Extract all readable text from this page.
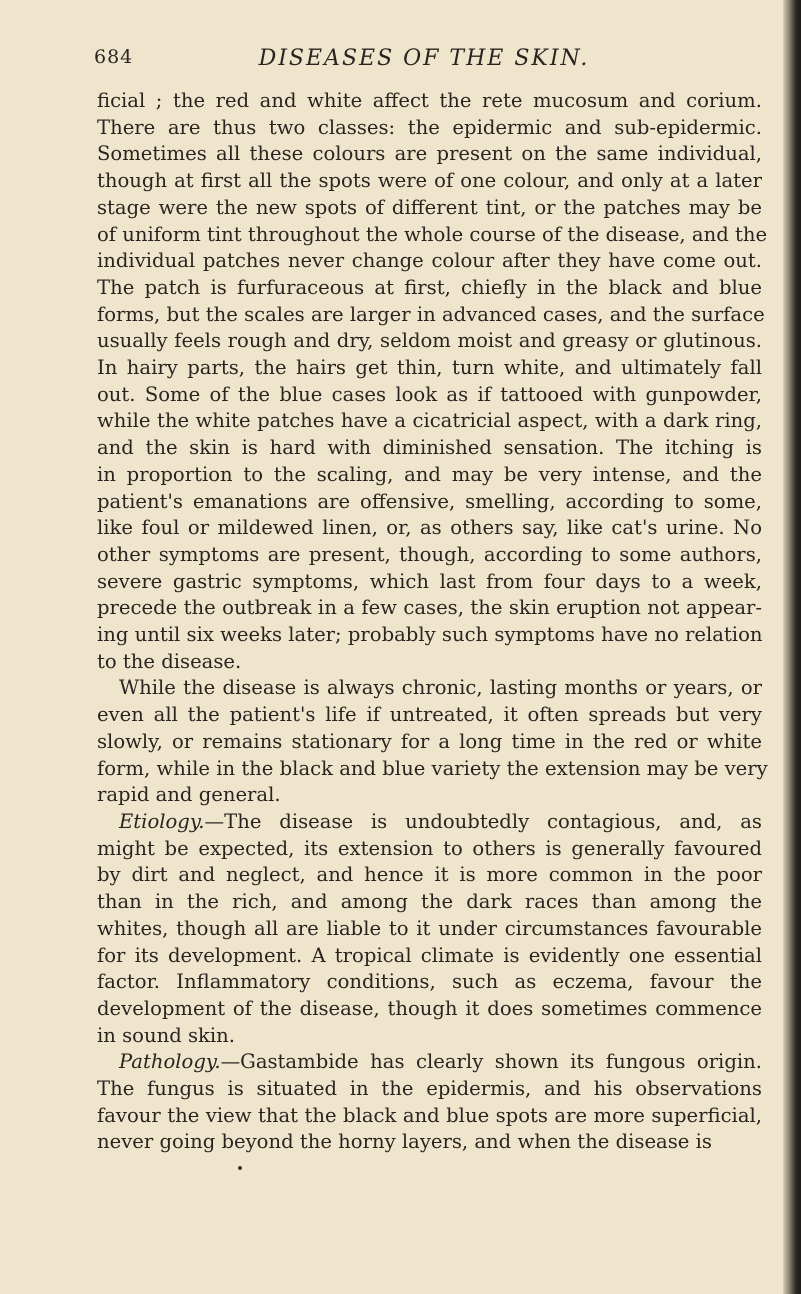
684	DISEASES OF THE SKIN.
ficial ; the red and white affect the rete mucosum and corium.
There are thus two classes: the epidermic and sub-epidermic.
Sometimes all these colours are present on the same individual,
though at first all the spots were of one colour, and only at a later
stage were the new spots of different tint, or the patches may be
of uniform tint throughout the whole course of the disease, and the
individual patches never change colour after they have come out.
The patch is furfuraceous at first, chiefly in the black and blue
forms, but the scales are larger in advanced cases, and the surface
usually feels rough and dry, seldom moist and greasy or glutinous.
In hairy parts, the hairs get thin, turn white, and ultimately fall
out. Some of the blue cases look as if tattooed with gunpowder,
while the white patches have a cicatricial aspect, with a dark ring,
and the skin is hard with diminished sensation. The itching is
in proportion to the scaling, and may be very intense, and the
patient's emanations are offensive, smelling, according to some,
like foul or mildewed linen, or, as others say, like cat's urine. No
other symptoms are present, though, according to some authors,
severe gastric symptoms, which last from four days to a week,
precede the outbreak in a few cases, the skin eruption not appear-
ing until six weeks later; probably such symptoms have no relation
to the disease.
While the disease is always chronic, lasting months or years, or
even all the patient's life if untreated, it often spreads but very
slowly, or remains stationary for a long time in the red or white
form, while in the black and blue variety the extension may be very
rapid and general.
Etiology.—The disease is undoubtedly contagious, and, as
might be expected, its extension to others is generally favoured
by dirt and neglect, and hence it is more common in the poor
than in the rich, and among the dark races than among the
whites, though all are liable to it under circumstances favourable
for its development. A tropical climate is evidently one essential
factor. Inflammatory conditions, such as eczema, favour the
development of the disease, though it does sometimes commence
in sound skin.
Pathology.—Gastambide has clearly shown its fungous origin.
The fungus is situated in the epidermis, and his observations
favour the view that the black and blue spots are more superficial,
never going beyond the horny layers, and when the disease is
